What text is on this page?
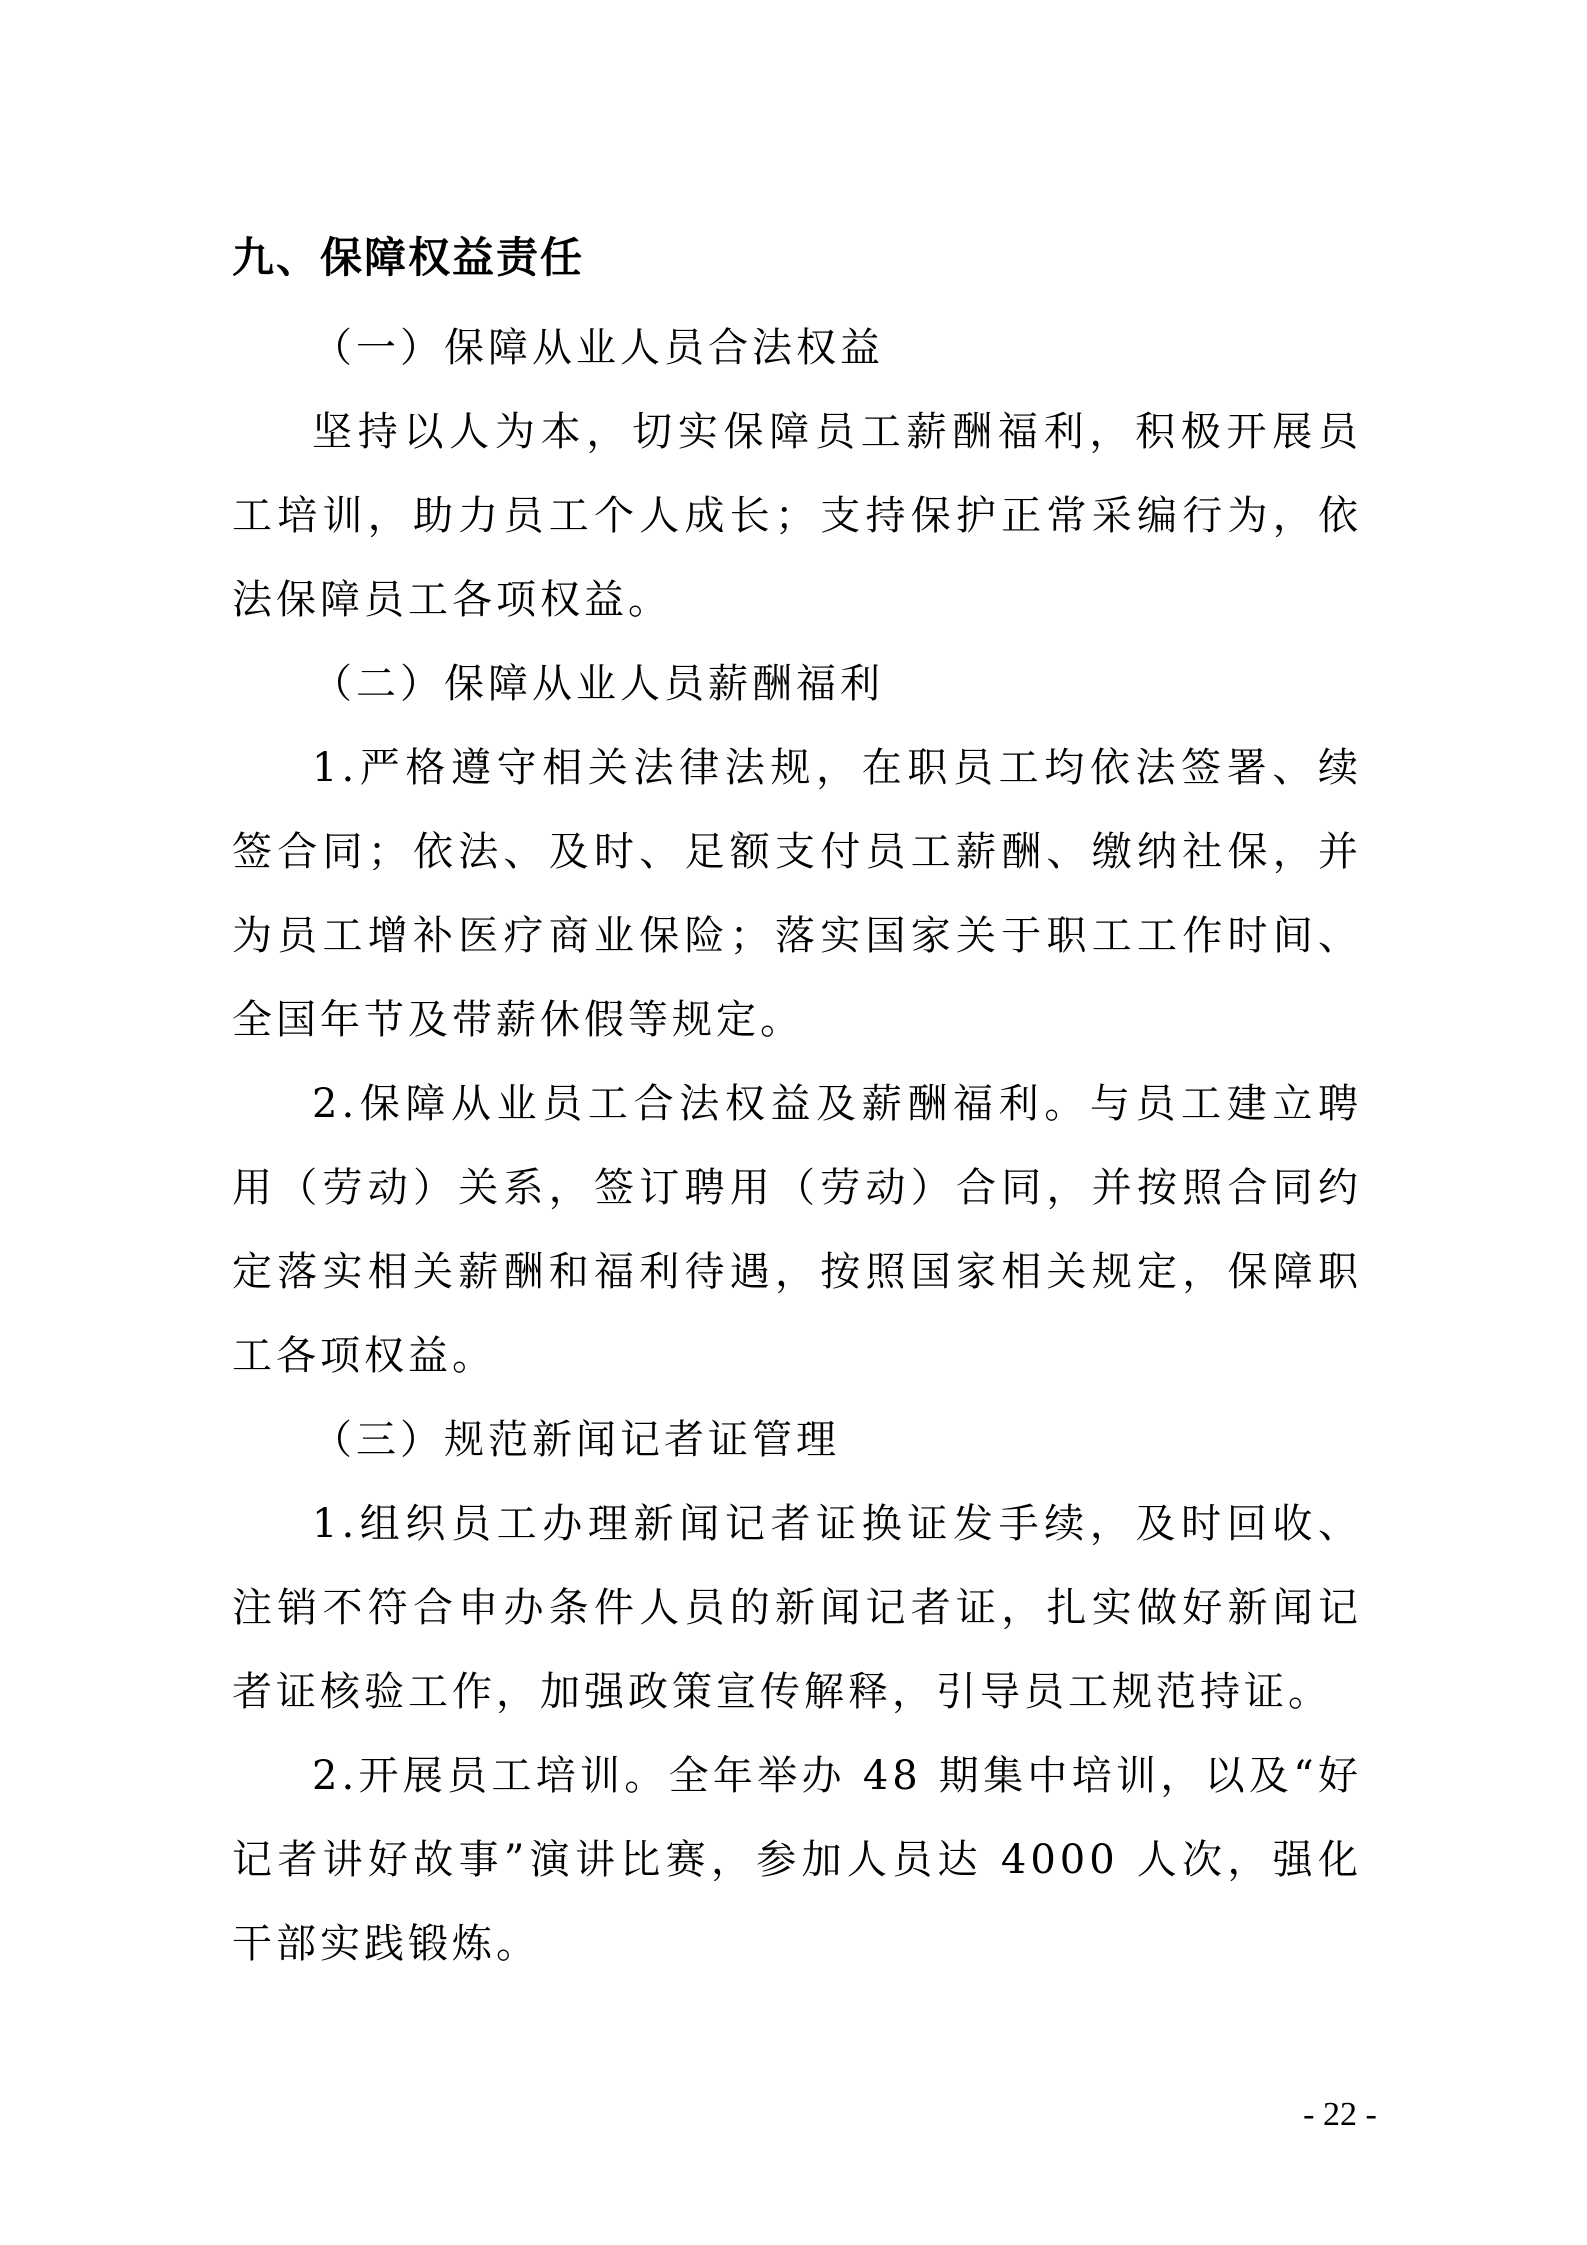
九、保障权益责任
（一）保障从业人员合法权益

坚持以人为本，切实保障员工薪酬福利，积极开展员工培训，助力员工个人成长；支持保护正常采编行为，依法保障员工各项权益。

（二）保障从业人员薪酬福利

1.严格遵守相关法律法规，在职员工均依法签署、续签合同；依法、及时、足额支付员工薪酬、缴纳社保，并为员工增补医疗商业保险；落实国家关于职工工作时间、全国年节及带薪休假等规定。

2.保障从业员工合法权益及薪酬福利。与员工建立聘用（劳动）关系，签订聘用（劳动）合同，并按照合同约定落实相关薪酬和福利待遇，按照国家相关规定，保障职工各项权益。

（三）规范新闻记者证管理

1.组织员工办理新闻记者证换证发手续，及时回收、注销不符合申办条件人员的新闻记者证，扎实做好新闻记者证核验工作，加强政策宣传解释，引导员工规范持证。

2.开展员工培训。全年举办 48 期集中培训，以及“好记者讲好故事”演讲比赛，参加人员达 4000 人次，强化干部实践锻炼。

- 22 -
